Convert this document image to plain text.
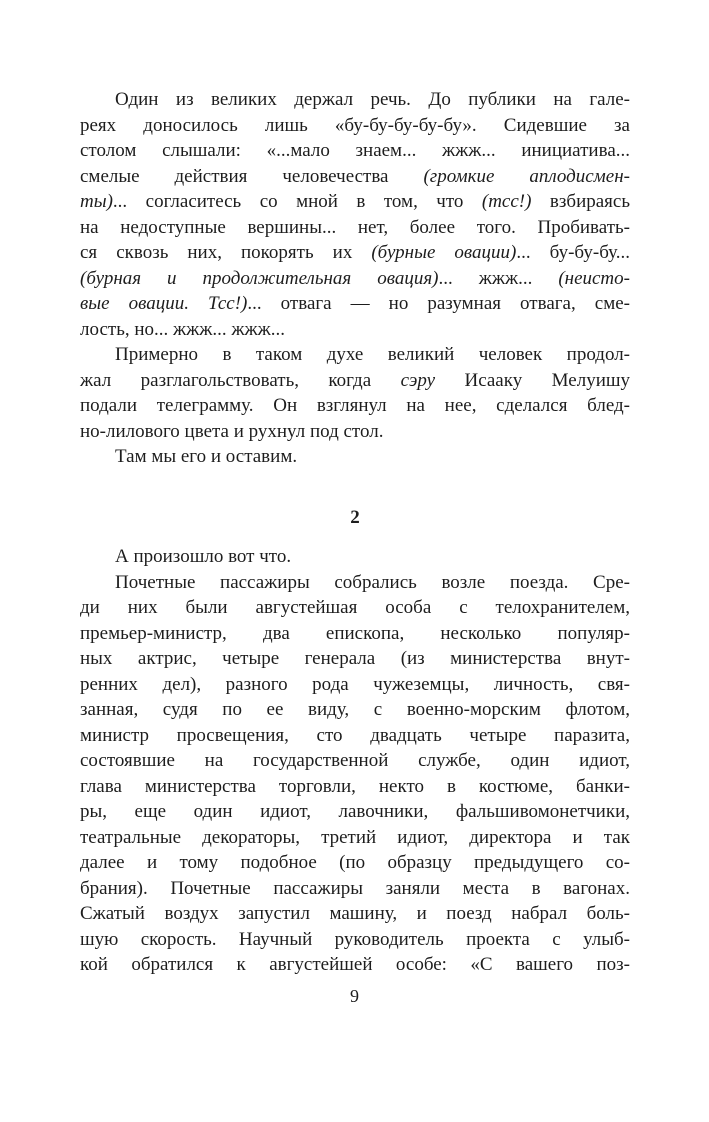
Один из великих держал речь. До публики на гале-
реях доносилось лишь «бу-бу-бу-бу-бу». Сидевшие за
столом слышали: «...мало знаем... жжж... инициатива...
смелые действия человечества (громкие аплодисмен-
ты)... согласитесь со мной в том, что (тсс!) взбираясь
на недоступные вершины... нет, более того. Пробивать-
ся сквозь них, покорять их (бурные овации)... бу-бу-бу...
(бурная и продолжительная овация)... жжж... (неисто-
вые овации. Тсс!)... отвага — но разумная отвага, сме-
лость, но... жжж... жжж...
Примерно в таком духе великий человек продол-
жал разглагольствовать, когда сэру Исааку Мелуишу
подали телеграмму. Он взглянул на нее, сделался блед-
но-лилового цвета и рухнул под стол.
Там мы его и оставим.
2
А произошло вот что.
Почетные пассажиры собрались возле поезда. Сре-
ди них были августейшая особа с телохранителем,
премьер-министр, два епископа, несколько популяр-
ных актрис, четыре генерала (из министерства внут-
ренних дел), разного рода чужеземцы, личность, свя-
занная, судя по ее виду, с военно-морским флотом,
министр просвещения, сто двадцать четыре паразита,
состоявшие на государственной службе, один идиот,
глава министерства торговли, некто в костюме, банки-
ры, еще один идиот, лавочники, фальшивомонетчики,
театральные декораторы, третий идиот, директора и так
далее и тому подобное (по образцу предыдущего со-
брания). Почетные пассажиры заняли места в вагонах.
Сжатый воздух запустил машину, и поезд набрал боль-
шую скорость. Научный руководитель проекта с улыб-
кой обратился к августейшей особе: «С вашего поз-
9
